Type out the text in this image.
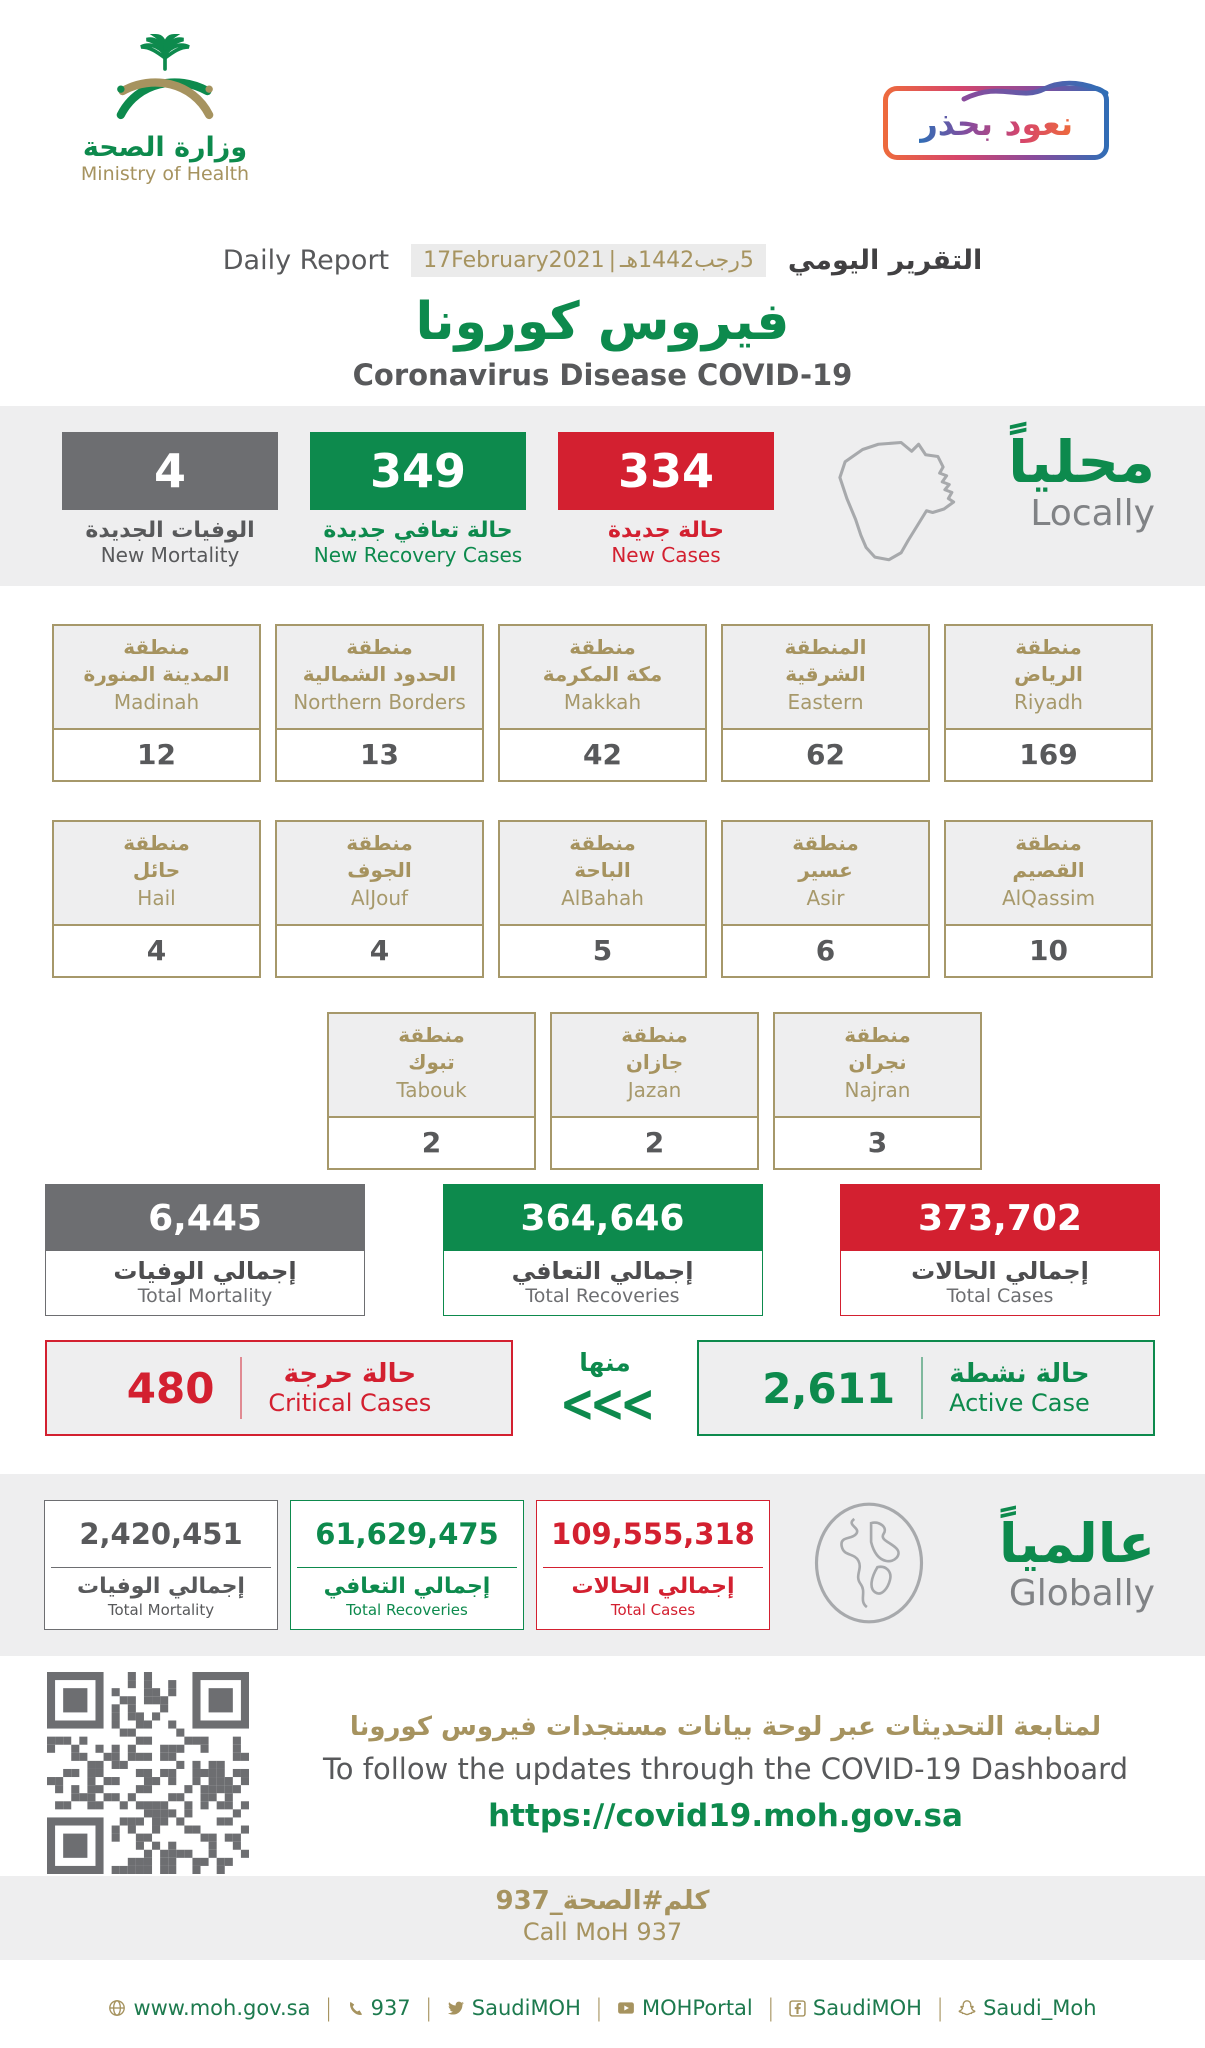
وزارة الصحة
Ministry of Health
نعود بحذر
Daily Report 17February2021 | 5رجب1442هـ التقرير اليومي
فيروس كورونا
Coronavirus Disease COVID-19
4
الوفيات الجديدة
New Mortality
349
حالة تعافي جديدة
New Recovery Cases
334
حالة جديدة
New Cases
محلياً
Locally
منطقة
المدينة المنورة
Madinah
12
منطقة
الحدود الشمالية
Northern Borders
13
منطقة
مكة المكرمة
Makkah
42
المنطقة
الشرقية
Eastern
62
منطقة
الرياض
Riyadh
169
منطقة
حائل
Hail
4
منطقة
الجوف
AlJouf
4
منطقة
الباحة
AlBahah
5
منطقة
عسير
Asir
6
منطقة
القصيم
AlQassim
10
منطقة
تبوك
Tabouk
2
منطقة
جازان
Jazan
2
منطقة
نجران
Najran
3
6,445
إجمالي الوفيات
Total Mortality
364,646
إجمالي التعافي
Total Recoveries
373,702
إجمالي الحالات
Total Cases
480	حالة حرجة
Critical Cases
منها
<<<	2,611 حالة نشطة
Active Case
2,420,451
إجمالي الوفيات
Total Mortality
61,629,475
إجمالي التعافي
Total Recoveries
109,555,318
إجمالي الحالات
Total Cases
عالمياً
Globally
لمتابعة التحديثات عبر لوحة بيانات مستجدات فيروس كورونا
To follow the updates through the COVID-19 Dashboard
https://covid19.moh.gov.sa
كلم#الصحة_937
Call MoH 937
www.moh.gov.sa | 937 | SaudiMOH | MOHPortal | SaudiMOH | Saudi_Moh
